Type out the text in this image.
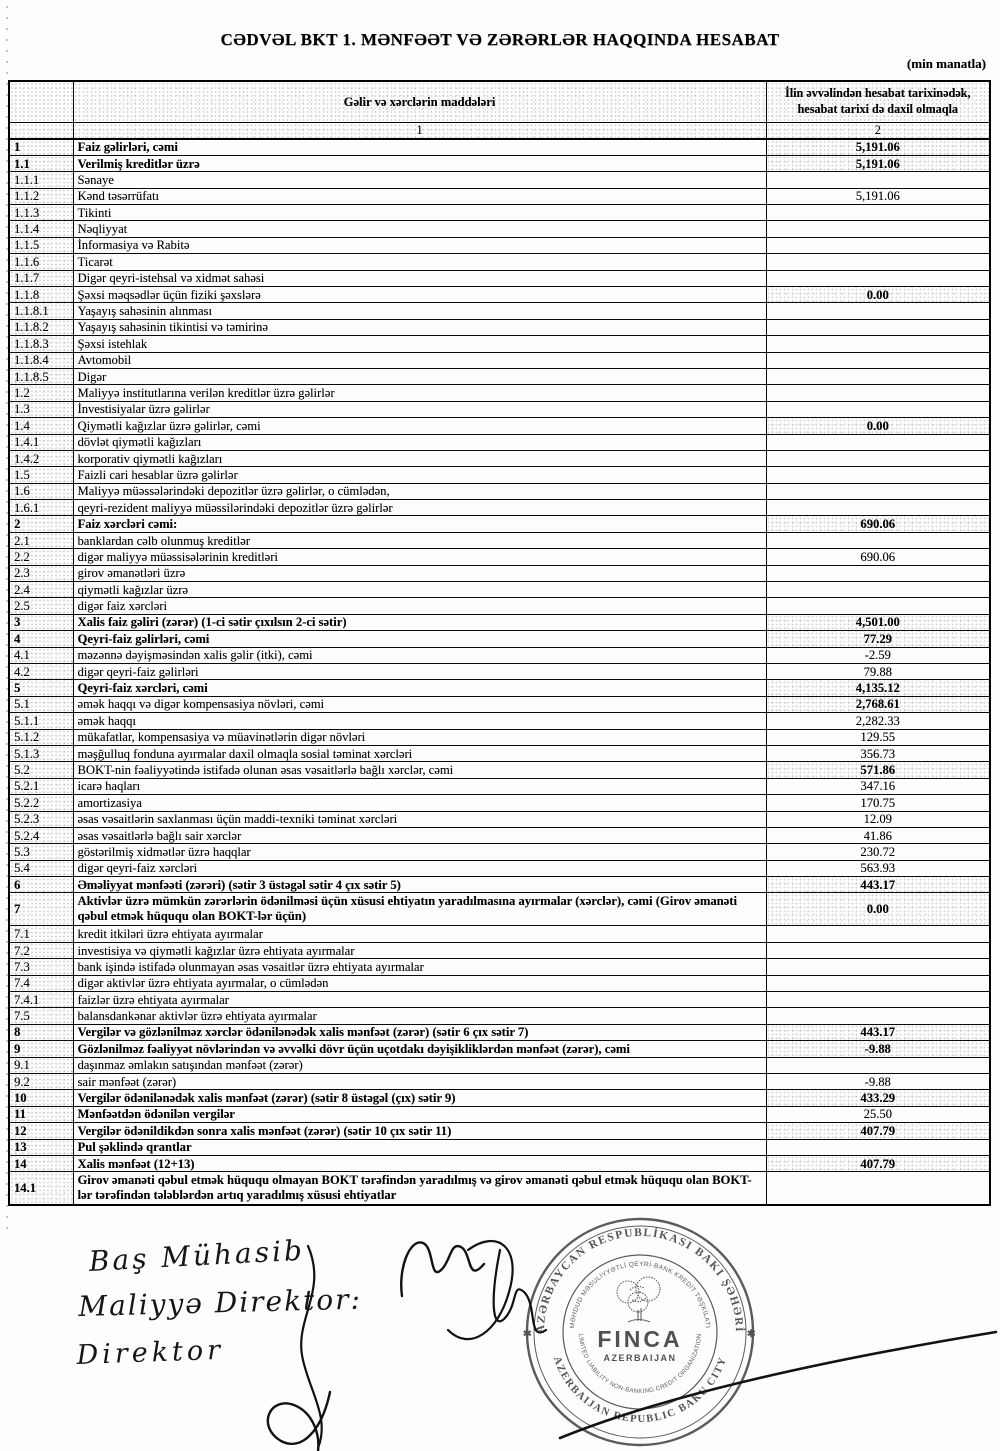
CƏDVƏL BKT 1. MƏNFƏƏT VƏ ZƏRƏRLƏR HAQQINDA HESABAT
(min manatla)
	Gəlir və xərclərin maddələri	İlin əvvəlindən hesabat tarixinədək, hesabat tarixi də daxil olmaqla
	1	2
1	Faiz gəlirləri, cəmi	5,191.06
1.1	Verilmiş kreditlər üzrə	5,191.06
1.1.1	Sənaye	
1.1.2	Kənd təsərrüfatı	5,191.06
1.1.3	Tikinti	
1.1.4	Nəqliyyat	
1.1.5	İnformasiya və Rabitə	
1.1.6	Ticarət	
1.1.7	Digər qeyri-istehsal və xidmət sahəsi	
1.1.8	Şəxsi məqsədlər üçün fiziki şəxslərə	0.00
1.1.8.1	Yaşayış sahəsinin alınması	
1.1.8.2	Yaşayış sahəsinin tikintisi və təmirinə	
1.1.8.3	Şəxsi istehlak	
1.1.8.4	Avtomobil	
1.1.8.5	Digər	
1.2	Maliyyə institutlarına verilən kreditlər üzrə gəlirlər	
1.3	İnvestisiyalar üzrə gəlirlər	
1.4	Qiymətli kağızlar üzrə gəlirlər, cəmi	0.00
1.4.1	dövlət qiymətli kağızları	
1.4.2	korporativ qiymətli kağızları	
1.5	Faizli cari hesablar üzrə gəlirlər	
1.6	Maliyyə müəssələrindəki depozitlər üzrə gəlirlər, o cümlədən,	
1.6.1	qeyri-rezident maliyyə müəssilərindəki depozitlər üzrə gəlirlər	
2	Faiz xərcləri cəmi:	690.06
2.1	banklardan cəlb olunmuş kreditlər	
2.2	digər maliyyə müəssisələrinin kreditləri	690.06
2.3	girov əmanətləri üzrə	
2.4	qiymətli kağızlar üzrə	
2.5	digər faiz xərcləri	
3	Xalis faiz gəliri (zərər) (1-ci sətir çıxılsın 2-ci sətir)	4,501.00
4	Qeyri-faiz gəlirləri, cəmi	77.29
4.1	məzənnə dəyişməsindən xalis gəlir (itki), cəmi	-2.59
4.2	digər qeyri-faiz gəlirləri	79.88
5	Qeyri-faiz xərcləri, cəmi	4,135.12
5.1	əmək haqqı və digər kompensasiya növləri, cəmi	2,768.61
5.1.1	əmək haqqı	2,282.33
5.1.2	mükafatlar, kompensasiya və müavinətlərin digər növləri	129.55
5.1.3	məşğulluq fonduna ayırmalar daxil olmaqla sosial təminat xərcləri	356.73
5.2	BOKT-nin fəaliyyətində istifadə olunan əsas vəsaitlərlə bağlı xərclər, cəmi	571.86
5.2.1	icarə haqları	347.16
5.2.2	amortizasiya	170.75
5.2.3	əsas vəsaitlərin saxlanması üçün maddi-texniki təminat xərcləri	12.09
5.2.4	əsas vəsaitlərlə bağlı sair xərclər	41.86
5.3	göstərilmiş xidmətlər üzrə haqqlar	230.72
5.4	digər qeyri-faiz xərcləri	563.93
6	Əməliyyat mənfəəti (zərəri) (sətir 3 üstəgəl sətir 4 çıx sətir 5)	443.17
7	Aktivlər üzrə mümkün zərərlərin ödənilməsi üçün xüsusi ehtiyatın yaradılmasına ayırmalar (xərclər), cəmi (Girov əmanəti qəbul etmək hüququ olan BOKT-lər üçün)	0.00
7.1	kredit itkiləri üzrə ehtiyata ayırmalar	
7.2	investisiya və qiymətli kağızlar üzrə ehtiyata ayırmalar	
7.3	bank işində istifadə olunmayan əsas vəsaitlər üzrə ehtiyata ayırmalar	
7.4	digər aktivlər üzrə ehtiyata ayırmalar, o cümlədən	
7.4.1	faizlər üzrə ehtiyata ayırmalar	
7.5	balansdankənar aktivlər üzrə ehtiyata ayırmalar	
8	Vergilər və gözlənilməz xərclər ödənilənədək xalis mənfəət (zərər) (sətir 6 çıx sətir 7)	443.17
9	Gözlənilməz fəaliyyət növlərindən və əvvəlki dövr üçün uçotdakı dəyişikliklərdən mənfəət (zərər), cəmi	-9.88
9.1	daşınmaz əmlakın satışından mənfəət (zərər)	
9.2	sair mənfəət (zərər)	-9.88
10	Vergilər ödənilənədək xalis mənfəət (zərər) (sətir 8 üstəgəl (çıx) sətir 9)	433.29
11	Mənfəətdən ödənilən vergilər	25.50
12	Vergilər ödənildikdən sonra xalis mənfəət (zərər) (sətir 10 çıx sətir 11)	407.79
13	Pul şəklində qrantlar	
14	Xalis mənfəət (12+13)	407.79
14.1	Girov əmanəti qəbul etmək hüququ olmayan BOKT tərəfindən yaradılmış və girov əmanəti qəbul etmək hüququ olan BOKT-lər tərəfindən tələblərdən artıq yaradılmış xüsusi ehtiyatlar	
Baş Mühasib
Maliyyə Direktor:
Direktor
AZƏRBAYCAN RESPUBLİKASI BAKI ŞƏHƏRİ
AZERBAIJAN REPUBLIC BAKU CITY
MƏHDUD MƏSULİYYƏTLİ QEYRİ-BANK KREDİT TƏŞKİLATI
LIMITED LIABILITY NON-BANKING CREDIT ORGANIZATION
✱	✱
FINCA
AZERBAIJAN
